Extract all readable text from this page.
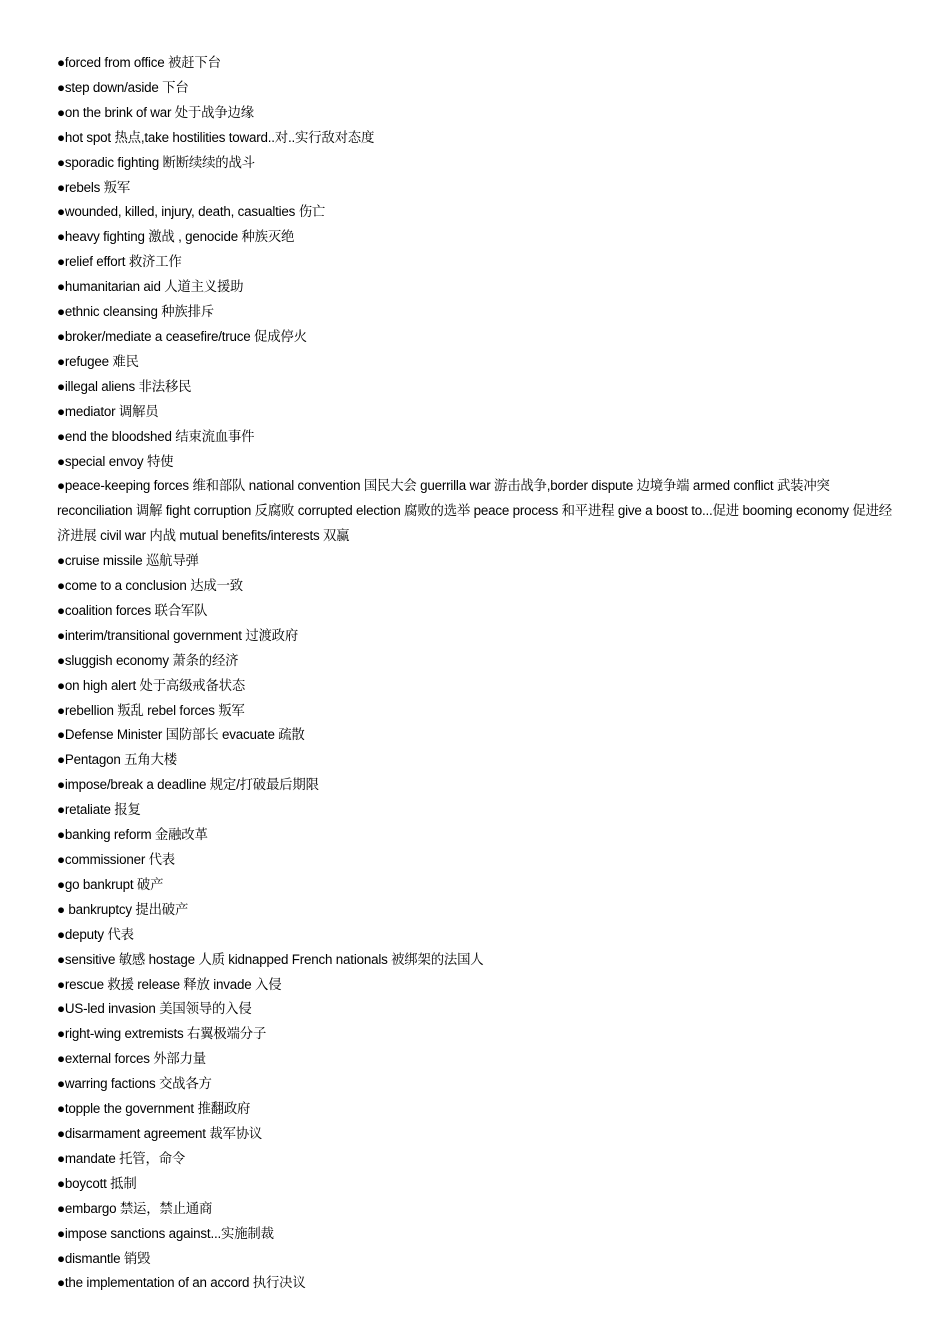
●forced from office 被赶下台
●step down/aside 下台
●on the brink of war 处于战争边缘
●hot spot 热点,take hostilities toward..对..实行敌对态度
●sporadic fighting 断断续续的战斗
●rebels 叛军
●wounded, killed, injury, death, casualties 伤亡
●heavy fighting 激战 , genocide 种族灭绝
●relief effort 救济工作
●humanitarian aid 人道主义援助
●ethnic cleansing 种族排斥
●broker/mediate a ceasefire/truce 促成停火
●refugee 难民
●illegal aliens 非法移民
●mediator 调解员
●end the bloodshed 结束流血事件
●special envoy 特使
●peace-keeping forces 维和部队 national convention 国民大会 guerrilla war 游击战争,border dispute 边境争端 armed conflict 武装冲突 reconciliation 调解 fight corruption 反腐败 corrupted election 腐败的选举 peace process 和平进程 give a boost to...促进 booming economy 促进经济进展 civil war 内战 mutual benefits/interests 双赢
●cruise missile 巡航导弹
●come to a conclusion 达成一致
●coalition forces 联合军队
●interim/transitional government 过渡政府
●sluggish economy 萧条的经济
●on high alert 处于高级戒备状态
●rebellion 叛乱 rebel forces 叛军
●Defense Minister 国防部长 evacuate 疏散
●Pentagon 五角大楼
●impose/break a deadline 规定/打破最后期限
●retaliate 报复
●banking reform 金融改革
●commissioner 代表
●go bankrupt 破产
● bankruptcy 提出破产
●deputy 代表
●sensitive 敏感 hostage 人质 kidnapped French nationals 被绑架的法国人
●rescue 救援 release 释放 invade 入侵
●US-led invasion 美国领导的入侵
●right-wing extremists 右翼极端分子
●external forces 外部力量
●warring factions 交战各方
●topple the government 推翻政府
●disarmament agreement 裁军协议
●mandate 托管，命令
●boycott 抵制
●embargo 禁运，禁止通商
●impose sanctions against...实施制裁
●dismantle 销毁
●the implementation of an accord 执行决议
